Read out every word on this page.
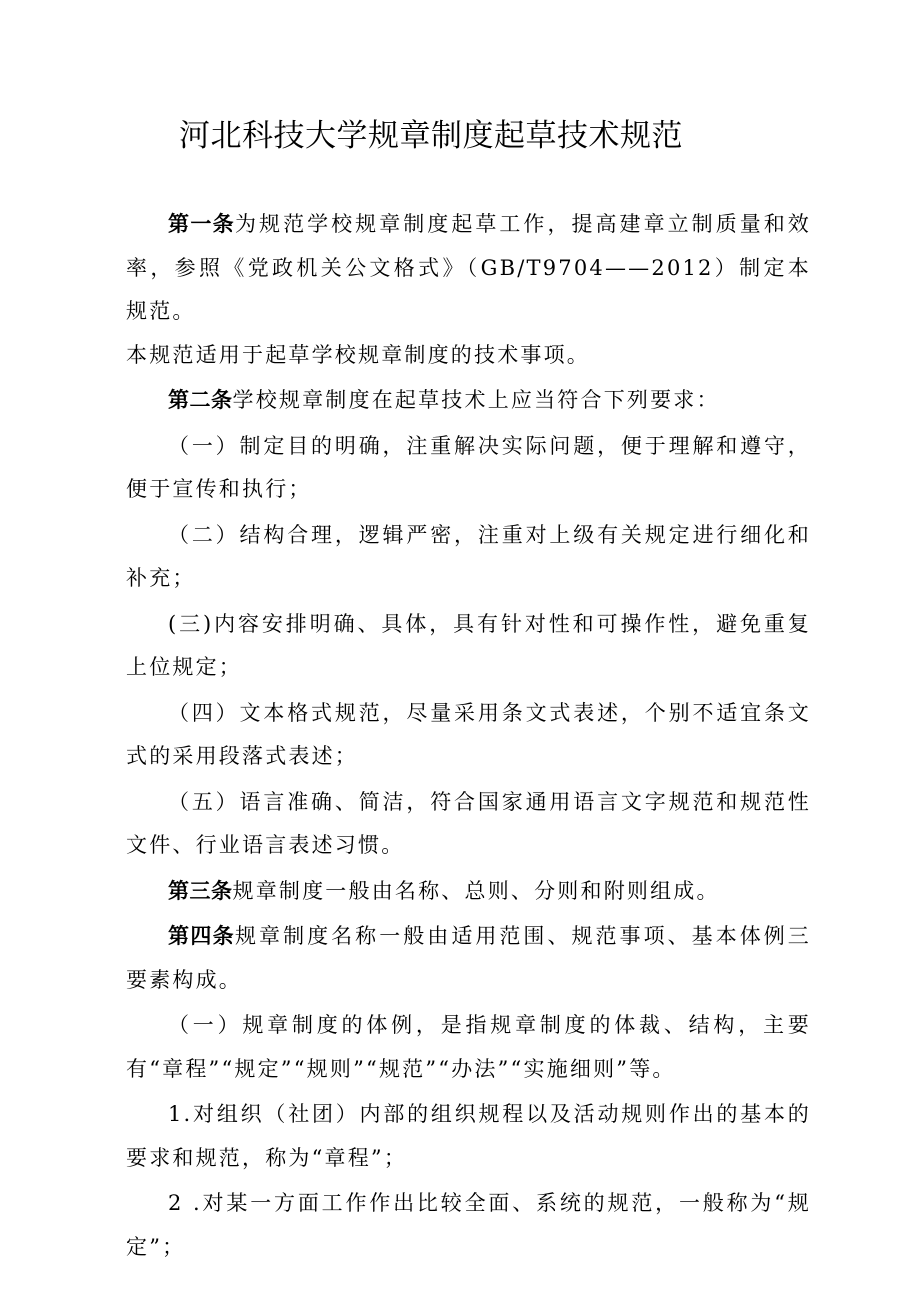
河北科技大学规章制度起草技术规范

第一条为规范学校规章制度起草工作，提高建章立制质量和效率，参照《党政机关公文格式》（GB/T9704——2012）制定本规范。

本规范适用于起草学校规章制度的技术事项。

第二条学校规章制度在起草技术上应当符合下列要求：

（一）制定目的明确，注重解决实际问题，便于理解和遵守，便于宣传和执行；

（二）结构合理，逻辑严密，注重对上级有关规定进行细化和补充；

(三)内容安排明确、具体，具有针对性和可操作性，避免重复上位规定；

（四）文本格式规范，尽量采用条文式表述，个别不适宜条文式的采用段落式表述；

（五）语言准确、简洁，符合国家通用语言文字规范和规范性文件、行业语言表述习惯。

第三条规章制度一般由名称、总则、分则和附则组成。

第四条规章制度名称一般由适用范围、规范事项、基本体例三要素构成。

（一）规章制度的体例，是指规章制度的体裁、结构，主要有“章程”“规定”“规则”“规范”“办法”“实施细则”等。

1.对组织（社团）内部的组织规程以及活动规则作出的基本的要求和规范，称为“章程”；

2 .对某一方面工作作出比较全面、系统的规范，一般称为“规定”；
